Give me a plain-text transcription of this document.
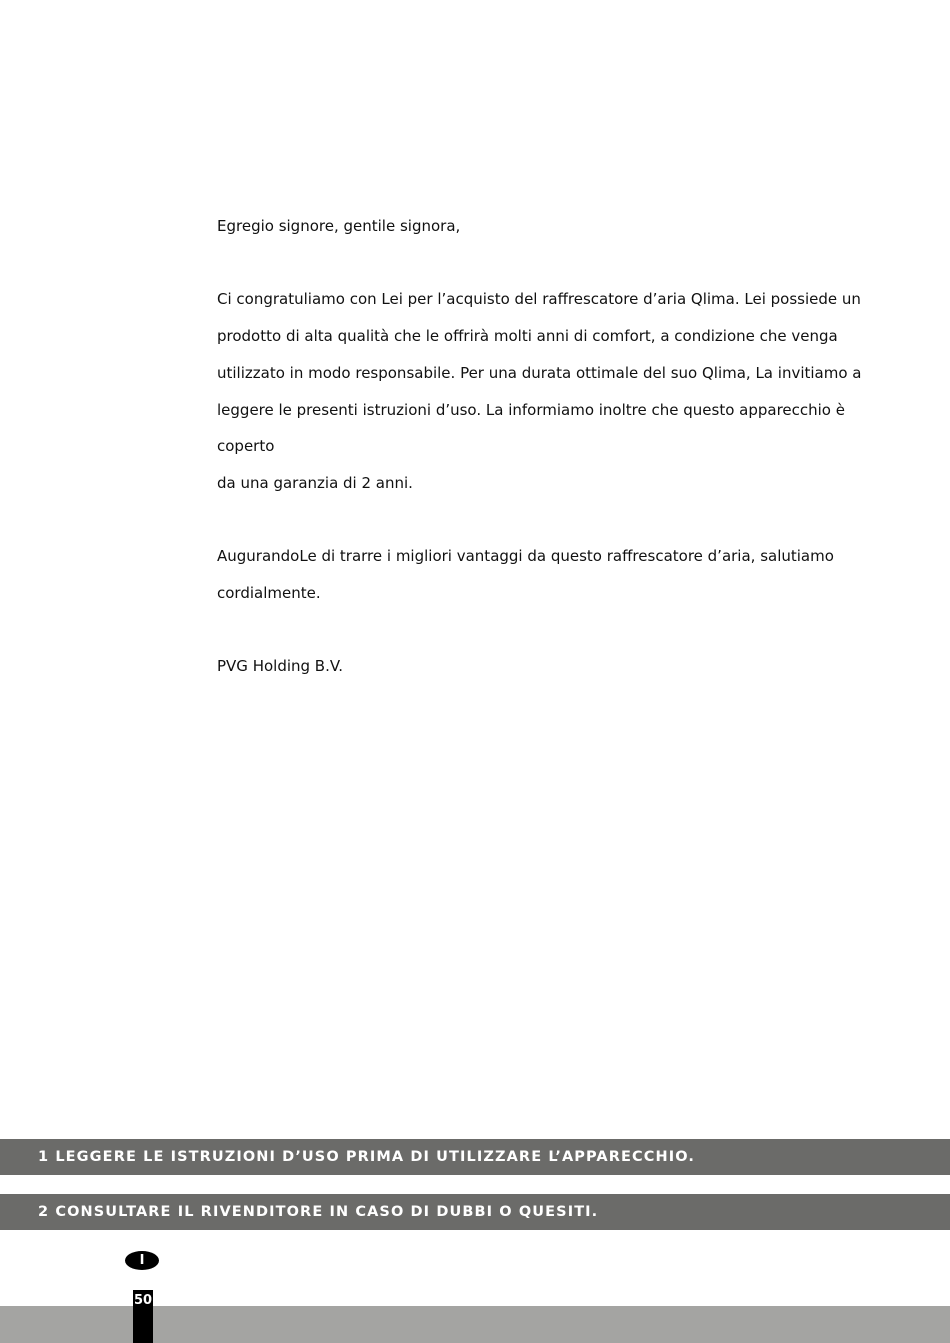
Egregio signore, gentile signora,

Ci congratuliamo con Lei per l’acquisto del raffrescatore d’aria Qlima. Lei possiede un

prodotto di alta qualità che le offrirà molti anni di comfort, a condizione che venga

utilizzato in modo responsabile. Per una durata ottimale del suo Qlima, La invitiamo a

leggere le presenti istruzioni d’uso. La informiamo inoltre che questo apparecchio è coperto

da una garanzia di 2 anni.

AugurandoLe di trarre i migliori vantaggi da questo raffrescatore d’aria, salutiamo

cordialmente.

PVG Holding B.V.

1 LEGGERE LE ISTRUZIONI D’USO PRIMA DI UTILIZZARE L’APPARECCHIO.
2 CONSULTARE IL RIVENDITORE IN CASO DI DUBBI O QUESITI.
I
50
